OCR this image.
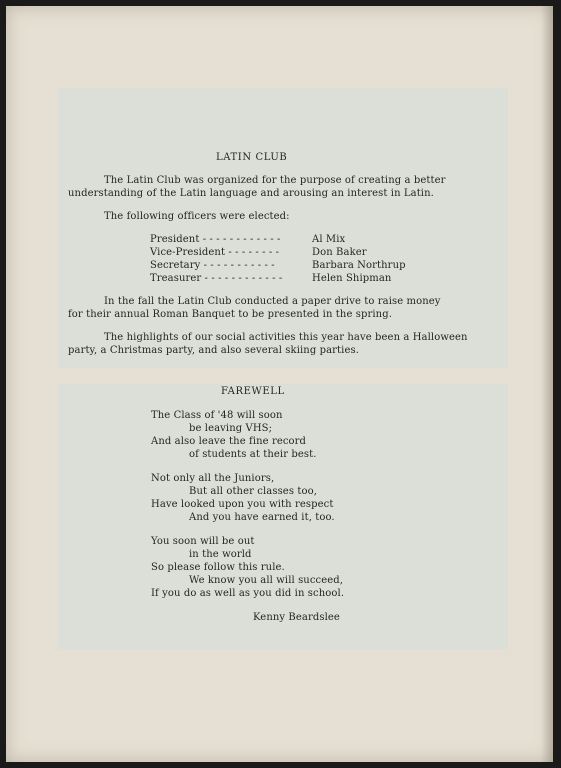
LATIN CLUB
The Latin Club was organized for the purpose of creating a better
understanding of the Latin language and arousing an interest in Latin.
The following officers were elected:
President - - - - - - - - - - - -	Al Mix
Vice-President - - - - - - - -	Don Baker
Secretary - - - - - - - - - - -	Barbara Northrup
Treasurer - - - - - - - - - - - -	Helen Shipman
In the fall the Latin Club conducted a paper drive to raise money
for their annual Roman Banquet to be presented in the spring.
The highlights of our social activities this year have been a Halloween
party, a Christmas party, and also several skiing parties.
FAREWELL
The Class of '48 will soon
be leaving VHS;
And also leave the fine record
of students at their best.
Not only all the Juniors,
But all other classes too,
Have looked upon you with respect
And you have earned it, too.
You soon will be out
in the world
So please follow this rule.
We know you all will succeed,
If you do as well as you did in school.
Kenny Beardslee
